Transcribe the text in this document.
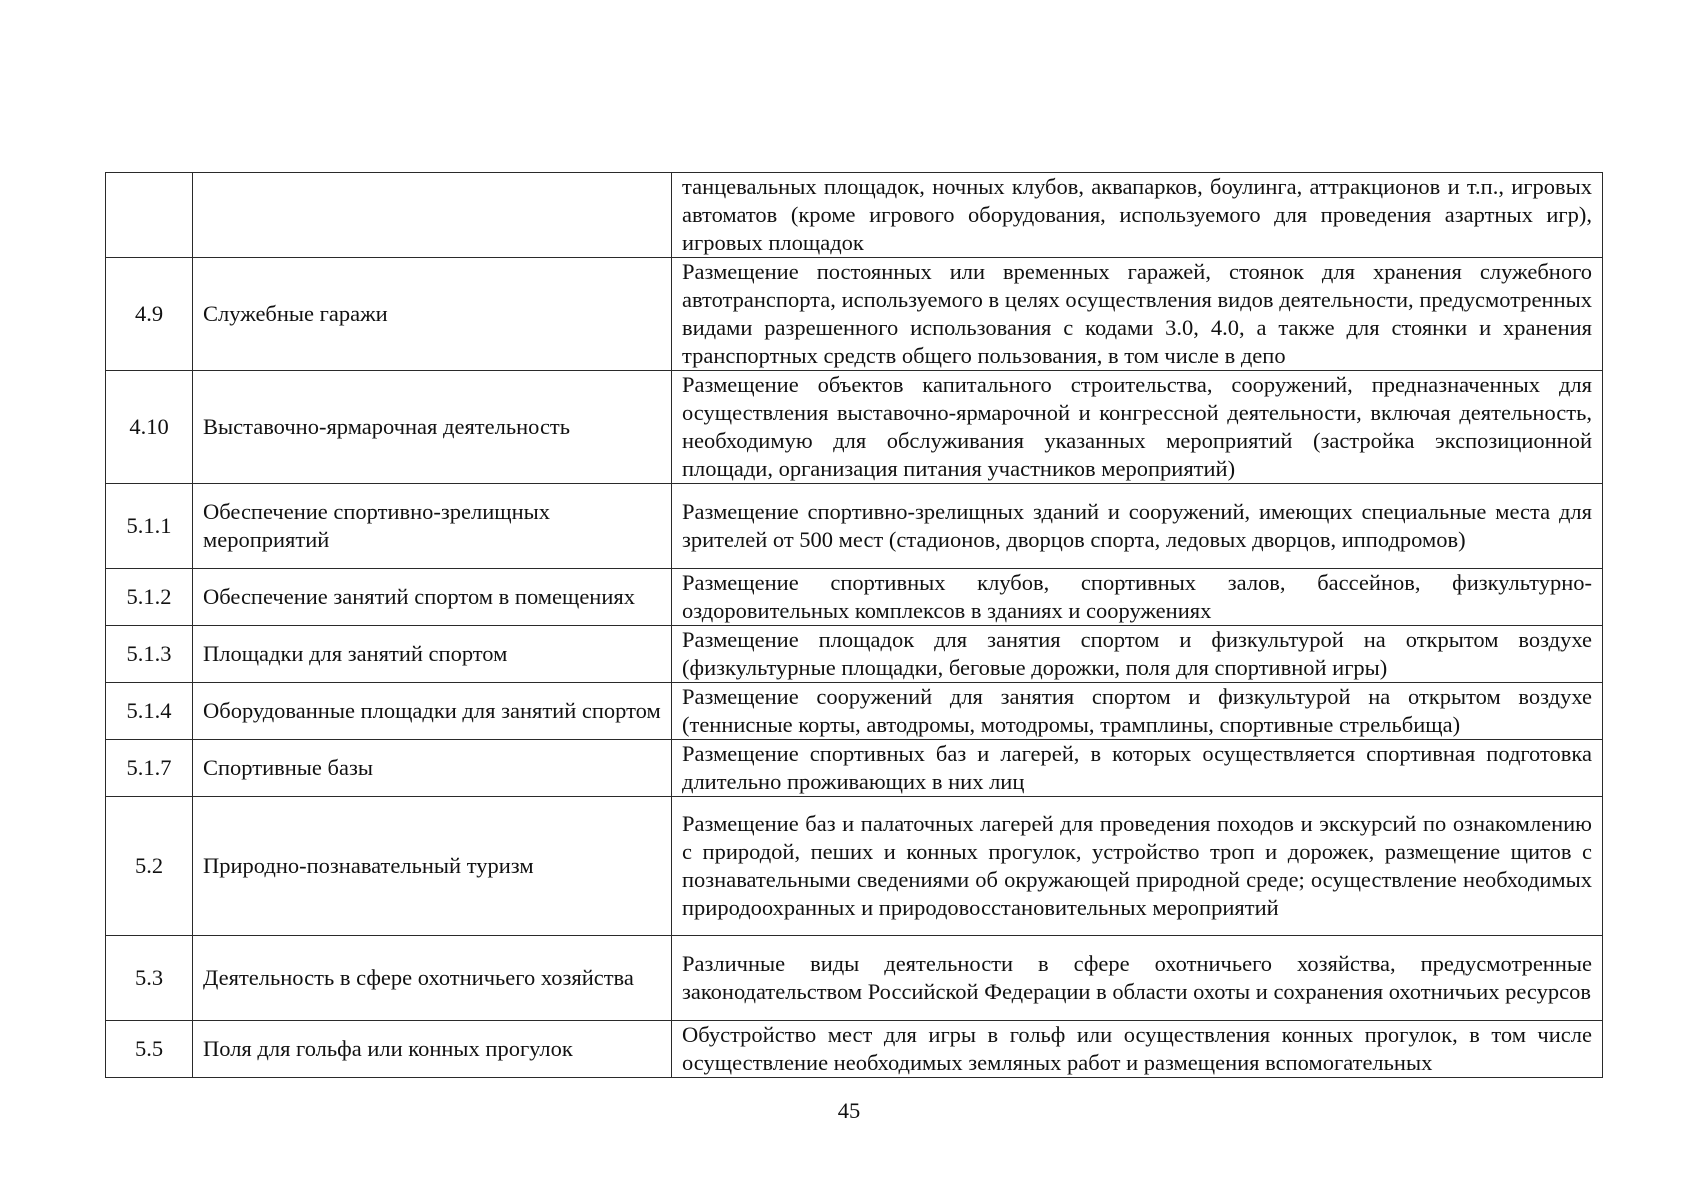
		танцевальных площадок, ночных клубов, аквапарков, боулинга, аттракционов и т.п., игровых автоматов (кроме игрового оборудования, используемого для проведения азартных игр), игровых площадок
4.9	Служебные гаражи	Размещение постоянных или временных гаражей, стоянок для хранения служебного автотранспорта, используемого в целях осуществления видов деятельности, предусмотренных видами разрешенного использования с кодами 3.0, 4.0, а также для стоянки и хранения транспортных средств общего пользования, в том числе в депо
4.10	Выставочно-ярмарочная деятельность	Размещение объектов капитального строительства, сооружений, предназначенных для осуществления выставочно-ярмарочной и конгрессной деятельности, включая деятельность, необходимую для обслуживания указанных мероприятий (застройка экспозиционной площади, организация питания участников мероприятий)
5.1.1	Обеспечение спортивно-зрелищных мероприятий	Размещение спортивно-зрелищных зданий и сооружений, имеющих специальные места для зрителей от 500 мест (стадионов, дворцов спорта, ледовых дворцов, ипподромов)
5.1.2	Обеспечение занятий спортом в помещениях	Размещение спортивных клубов, спортивных залов, бассейнов, физкультурно-оздоровительных комплексов в зданиях и сооружениях
5.1.3	Площадки для занятий спортом	Размещение площадок для занятия спортом и физкультурой на открытом воздухе (физкультурные площадки, беговые дорожки, поля для спортивной игры)
5.1.4	Оборудованные площадки для занятий спортом	Размещение сооружений для занятия спортом и физкультурой на открытом воздухе (теннисные корты, автодромы, мотодромы, трамплины, спортивные стрельбища)
5.1.7	Спортивные базы	Размещение спортивных баз и лагерей, в которых осуществляется спортивная подготовка длительно проживающих в них лиц
5.2	Природно-познавательный туризм	Размещение баз и палаточных лагерей для проведения походов и экскурсий по ознакомлению с природой, пеших и конных прогулок, устройство троп и дорожек, размещение щитов с познавательными сведениями об окружающей природной среде; осуществление необходимых природоохранных и природовосстановительных мероприятий
5.3	Деятельность в сфере охотничьего хозяйства	Различные виды деятельности в сфере охотничьего хозяйства, предусмотренные законодательством Российской Федерации в области охоты и сохранения охотничьих ресурсов
5.5	Поля для гольфа или конных прогулок	Обустройство мест для игры в гольф или осуществления конных прогулок, в том числе осуществление необходимых земляных работ и размещения вспомогательных
45
